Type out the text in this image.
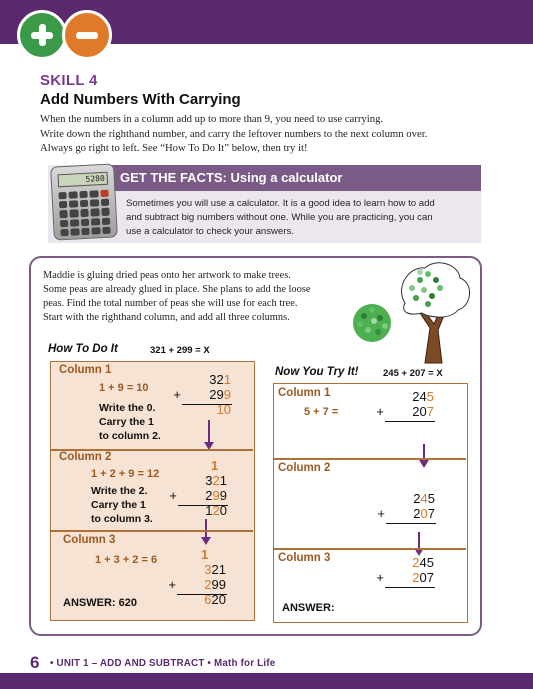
SKILL 4
Add Numbers With Carrying
When the numbers in a column add up to more than 9, you need to use carrying.
Write down the righthand number, and carry the leftover numbers to the next column over.
Always go right to left. See “How To Do It” below, then try it!
GET THE FACTS: Using a calculator
Sometimes you will use a calculator. It is a good idea to learn how to add
and subtract big numbers without one. While you are practicing, you can
use a calculator to check your answers.
5280
Maddie is gluing dried peas onto her artwork to make trees.
Some peas are already glued in place. She plans to add the loose
peas. Find the total number of peas she will use for each tree.
Start with the righthand column, and add all three columns.
How To Do It	321 + 299 = X
Column 1
1 + 9 = 10
Write the 0.
Carry the 1
to column 2.
321
+	299
10
Column 2
1 + 2 + 9 = 12
Write the 2.
Carry the 1
to column 3.
1
321
+	299
120
Column 3
1 + 3 + 2 = 6	1
321
+	299
620
ANSWER: 620
Now You Try It!	245 + 207 = X
Column 1
5 + 7 =
245
+	207
Column 2
245
+	207
Column 3	245
+	207
ANSWER:
6 • UNIT 1 – ADD AND SUBTRACT • Math for Life
